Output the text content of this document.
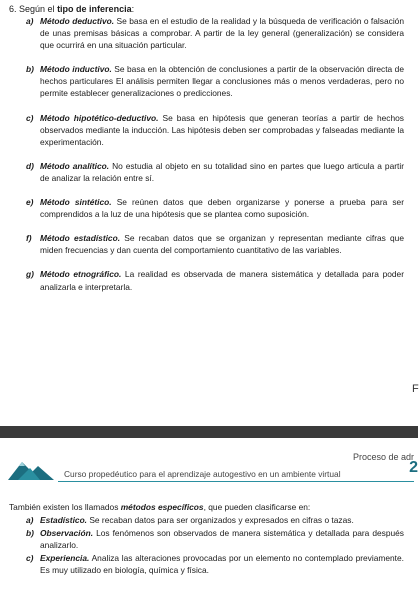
6. Según el tipo de inferencia:
a) Método deductivo. Se basa en el estudio de la realidad y la búsqueda de verificación o falsación de unas premisas básicas a comprobar. A partir de la ley general (generalización) se considera que ocurrirá en una situación particular.
b) Método inductivo. Se basa en la obtención de conclusiones a partir de la observación directa de hechos particulares El análisis permiten llegar a conclusiones más o menos verdaderas, pero no permite establecer generalizaciones o predicciones.
c) Método hipotético-deductivo. Se basa en hipótesis que generan teorías a partir de hechos observados mediante la inducción. Las hipótesis deben ser comprobadas y falseadas mediante la experimentación.
d) Método analítico. No estudia al objeto en su totalidad sino en partes que luego articula a partir de analizar la relación entre sí.
e) Método sintético. Se reúnen datos que deben organizarse y ponerse a prueba para ser comprendidos a la luz de una hipótesis que se plantea como suposición.
f) Método estadístico. Se recaban datos que se organizan y representan mediante cifras que miden frecuencias y dan cuenta del comportamiento cuantitativo de las variables.
g) Método etnográfico. La realidad es observada de manera sistemática y detallada para poder analizarla e interpretarla.
F
Proceso de adr
Curso propedéutico para el aprendizaje autogestivo en un ambiente virtual	2
También existen los llamados métodos específicos, que pueden clasificarse en:
a) Estadístico. Se recaban datos para ser organizados y expresados en cifras o tazas.
b) Observación. Los fenómenos son observados de manera sistemática y detallada para después analizarlo.
c) Experiencia. Analiza las alteraciones provocadas por un elemento no contemplado previamente. Es muy utilizado en biología, química y física.
